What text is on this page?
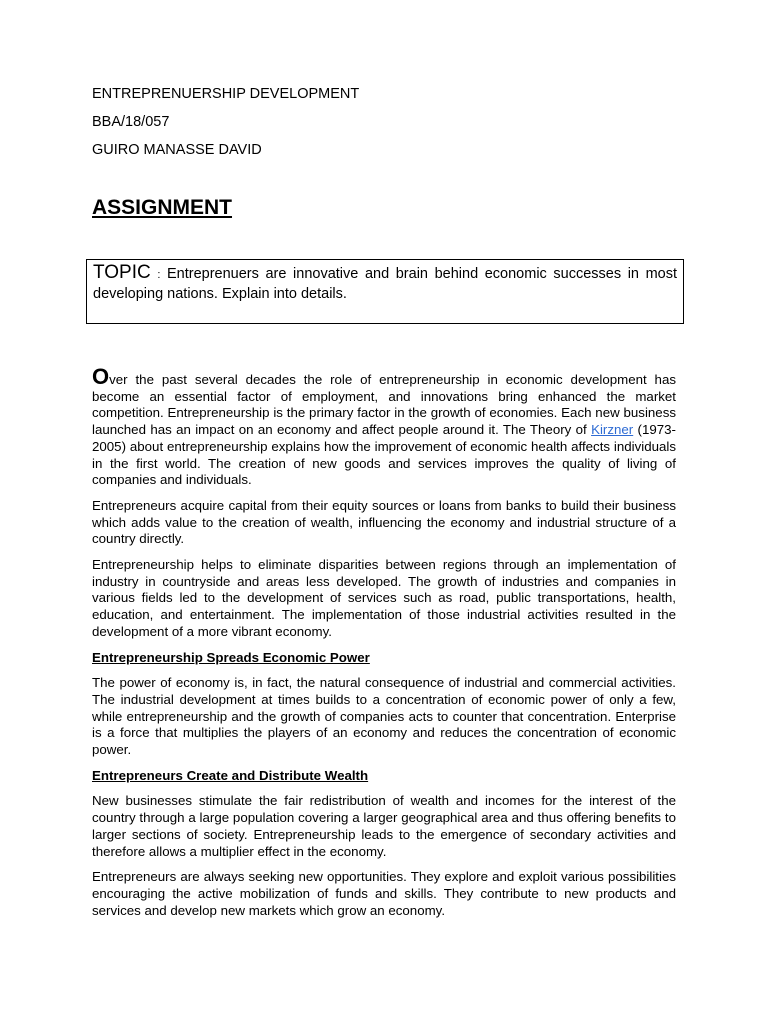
ENTREPRENUERSHIP DEVELOPMENT

BBA/18/057

GUIRO MANASSE DAVID

ASSIGNMENT

TOPIC : Entreprenuers are innovative and brain behind economic successes in most developing nations. Explain into details.

Over the past several decades the role of entrepreneurship in economic development has become an essential factor of employment, and innovations bring enhanced the market competition. Entrepreneurship is the primary factor in the growth of economies. Each new business launched has an impact on an economy and affect people around it. The Theory of Kirzner (1973-2005) about entrepreneurship explains how the improvement of economic health affects individuals in the first world. The creation of new goods and services improves the quality of living of companies and individuals.

Entrepreneurs acquire capital from their equity sources or loans from banks to build their business which adds value to the creation of wealth, influencing the economy and industrial structure of a country directly.

Entrepreneurship helps to eliminate disparities between regions through an implementation of industry in countryside and areas less developed. The growth of industries and companies in various fields led to the development of services such as road, public transportations, health, education, and entertainment. The implementation of those industrial activities resulted in the development of a more vibrant economy.

Entrepreneurship Spreads Economic Power

The power of economy is, in fact, the natural consequence of industrial and commercial activities. The industrial development at times builds to a concentration of economic power of only a few, while entrepreneurship and the growth of companies acts to counter that concentration. Enterprise is a force that multiplies the players of an economy and reduces the concentration of economic power.

Entrepreneurs Create and Distribute Wealth

New businesses stimulate the fair redistribution of wealth and incomes for the interest of the country through a large population covering a larger geographical area and thus offering benefits to larger sections of society. Entrepreneurship leads to the emergence of secondary activities and therefore allows a multiplier effect in the economy.

Entrepreneurs are always seeking new opportunities. They explore and exploit various possibilities encouraging the active mobilization of funds and skills. They contribute to new products and services and develop new markets which grow an economy.
